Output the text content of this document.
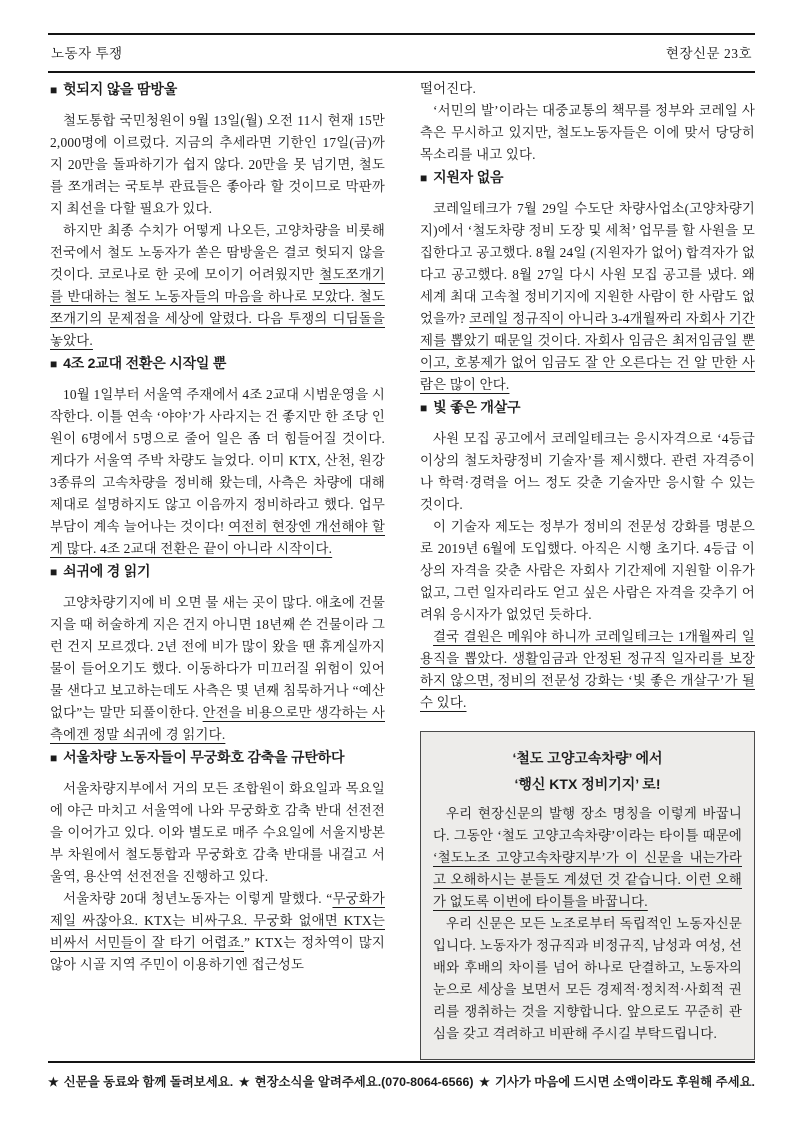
노동자 투쟁	현장신문 23호
■ 헛되지 않을 땀방울

철도통합 국민청원이 9월 13일(월) 오전 11시 현재 15만 2,000명에 이르렀다. 지금의 추세라면 기한인 17일(금)까지 20만을 돌파하기가 쉽지 않다. 20만을 못 넘기면, 철도를 쪼개려는 국토부 관료들은 좋아라 할 것이므로 막판까지 최선을 다할 필요가 있다.

하지만 최종 수치가 어떻게 나오든, 고양차량을 비롯해 전국에서 철도 노동자가 쏟은 땀방울은 결코 헛되지 않을 것이다. 코로나로 한 곳에 모이기 어려웠지만 철도쪼개기를 반대하는 철도 노동자들의 마음을 하나로 모았다. 철도쪼개기의 문제점을 세상에 알렸다. 다음 투쟁의 디딤돌을 놓았다.

■ 4조 2교대 전환은 시작일 뿐

10월 1일부터 서울역 주재에서 4조 2교대 시범운영을 시작한다. 이틀 연속 ‘야야’가 사라지는 건 좋지만 한 조당 인원이 6명에서 5명으로 줄어 일은 좀 더 힘들어질 것이다. 게다가 서울역 주박 차량도 늘었다. 이미 KTX, 산천, 원강 3종류의 고속차량을 정비해 왔는데, 사측은 차량에 대해 제대로 설명하지도 않고 이음까지 정비하라고 했다. 업무 부담이 계속 늘어나는 것이다! 여전히 현장엔 개선해야 할 게 많다. 4조 2교대 전환은 끝이 아니라 시작이다.

■ 쇠귀에 경 읽기

고양차량기지에 비 오면 물 새는 곳이 많다. 애초에 건물 지을 때 허술하게 지은 건지 아니면 18년째 쓴 건물이라 그런 건지 모르겠다. 2년 전에 비가 많이 왔을 땐 휴게실까지 물이 들어오기도 했다. 이동하다가 미끄러질 위험이 있어 물 샌다고 보고하는데도 사측은 몇 년째 침묵하거나 “예산 없다”는 말만 되풀이한다. 안전을 비용으로만 생각하는 사측에겐 정말 쇠귀에 경 읽기다.

■ 서울차량 노동자들이 무궁화호 감축을 규탄하다

서울차량지부에서 거의 모든 조합원이 화요일과 목요일에 야근 마치고 서울역에 나와 무궁화호 감축 반대 선전전을 이어가고 있다. 이와 별도로 매주 수요일에 서울지방본부 차원에서 철도통합과 무궁화호 감축 반대를 내걸고 서울역, 용산역 선전전을 진행하고 있다.

서울차량 20대 청년노동자는 이렇게 말했다. “무궁화가 제일 싸잖아요. KTX는 비싸구요. 무궁화 없애면 KTX는 비싸서 서민들이 잘 타기 어렵죠.” KTX는 정차역이 많지 않아 시골 지역 주민이 이용하기엔 접근성도

떨어진다.

‘서민의 발’이라는 대중교통의 책무를 정부와 코레일 사측은 무시하고 있지만, 철도노동자들은 이에 맞서 당당히 목소리를 내고 있다.

■ 지원자 없음

코레일테크가 7월 29일 수도단 차량사업소(고양차량기지)에서 ‘철도차량 정비 도장 및 세척’ 업무를 할 사원을 모집한다고 공고했다. 8월 24일 (지원자가 없어) 합격자가 없다고 공고했다. 8월 27일 다시 사원 모집 공고를 냈다. 왜 세계 최대 고속철 정비기지에 지원한 사람이 한 사람도 없었을까? 코레일 정규직이 아니라 3-4개월짜리 자회사 기간제를 뽑았기 때문일 것이다. 자회사 임금은 최저임금일 뿐이고, 호봉제가 없어 임금도 잘 안 오른다는 건 알 만한 사람은 많이 안다.

■ 빛 좋은 개살구

사원 모집 공고에서 코레일테크는 응시자격으로 ‘4등급 이상의 철도차량정비 기술자’를 제시했다. 관련 자격증이나 학력·경력을 어느 정도 갖춘 기술자만 응시할 수 있는 것이다.

이 기술자 제도는 정부가 정비의 전문성 강화를 명분으로 2019년 6월에 도입했다. 아직은 시행 초기다. 4등급 이상의 자격을 갖춘 사람은 자회사 기간제에 지원할 이유가 없고, 그런 일자리라도 얻고 싶은 사람은 자격을 갖추기 어려워 응시자가 없었던 듯하다.

결국 결원은 메워야 하니까 코레일테크는 1개월짜리 일용직을 뽑았다. 생활임금과 안정된 정규직 일자리를 보장하지 않으면, 정비의 전문성 강화는 ‘빛 좋은 개살구’가 될 수 있다.

‘철도 고양고속차량’ 에서
‘행신 KTX 정비기지’ 로!

우리 현장신문의 발행 장소 명칭을 이렇게 바꿉니다. 그동안 ‘철도 고양고속차량’이라는 타이틀 때문에 ‘철도노조 고양고속차량지부’가 이 신문을 내는가라고 오해하시는 분들도 계셨던 것 같습니다. 이런 오해가 없도록 이번에 타이틀을 바꿉니다.

우리 신문은 모든 노조로부터 독립적인 노동자신문입니다. 노동자가 정규직과 비정규직, 남성과 여성, 선배와 후배의 차이를 넘어 하나로 단결하고, 노동자의 눈으로 세상을 보면서 모든 경제적·정치적·사회적 권리를 쟁취하는 것을 지향합니다. 앞으로도 꾸준히 관심을 갖고 격려하고 비판해 주시길 부탁드립니다.

★ 신문을 동료와 함께 돌려보세요. ★ 현장소식을 알려주세요.(070-8064-6566) ★ 기사가 마음에 드시면 소액이라도 후원해 주세요.
